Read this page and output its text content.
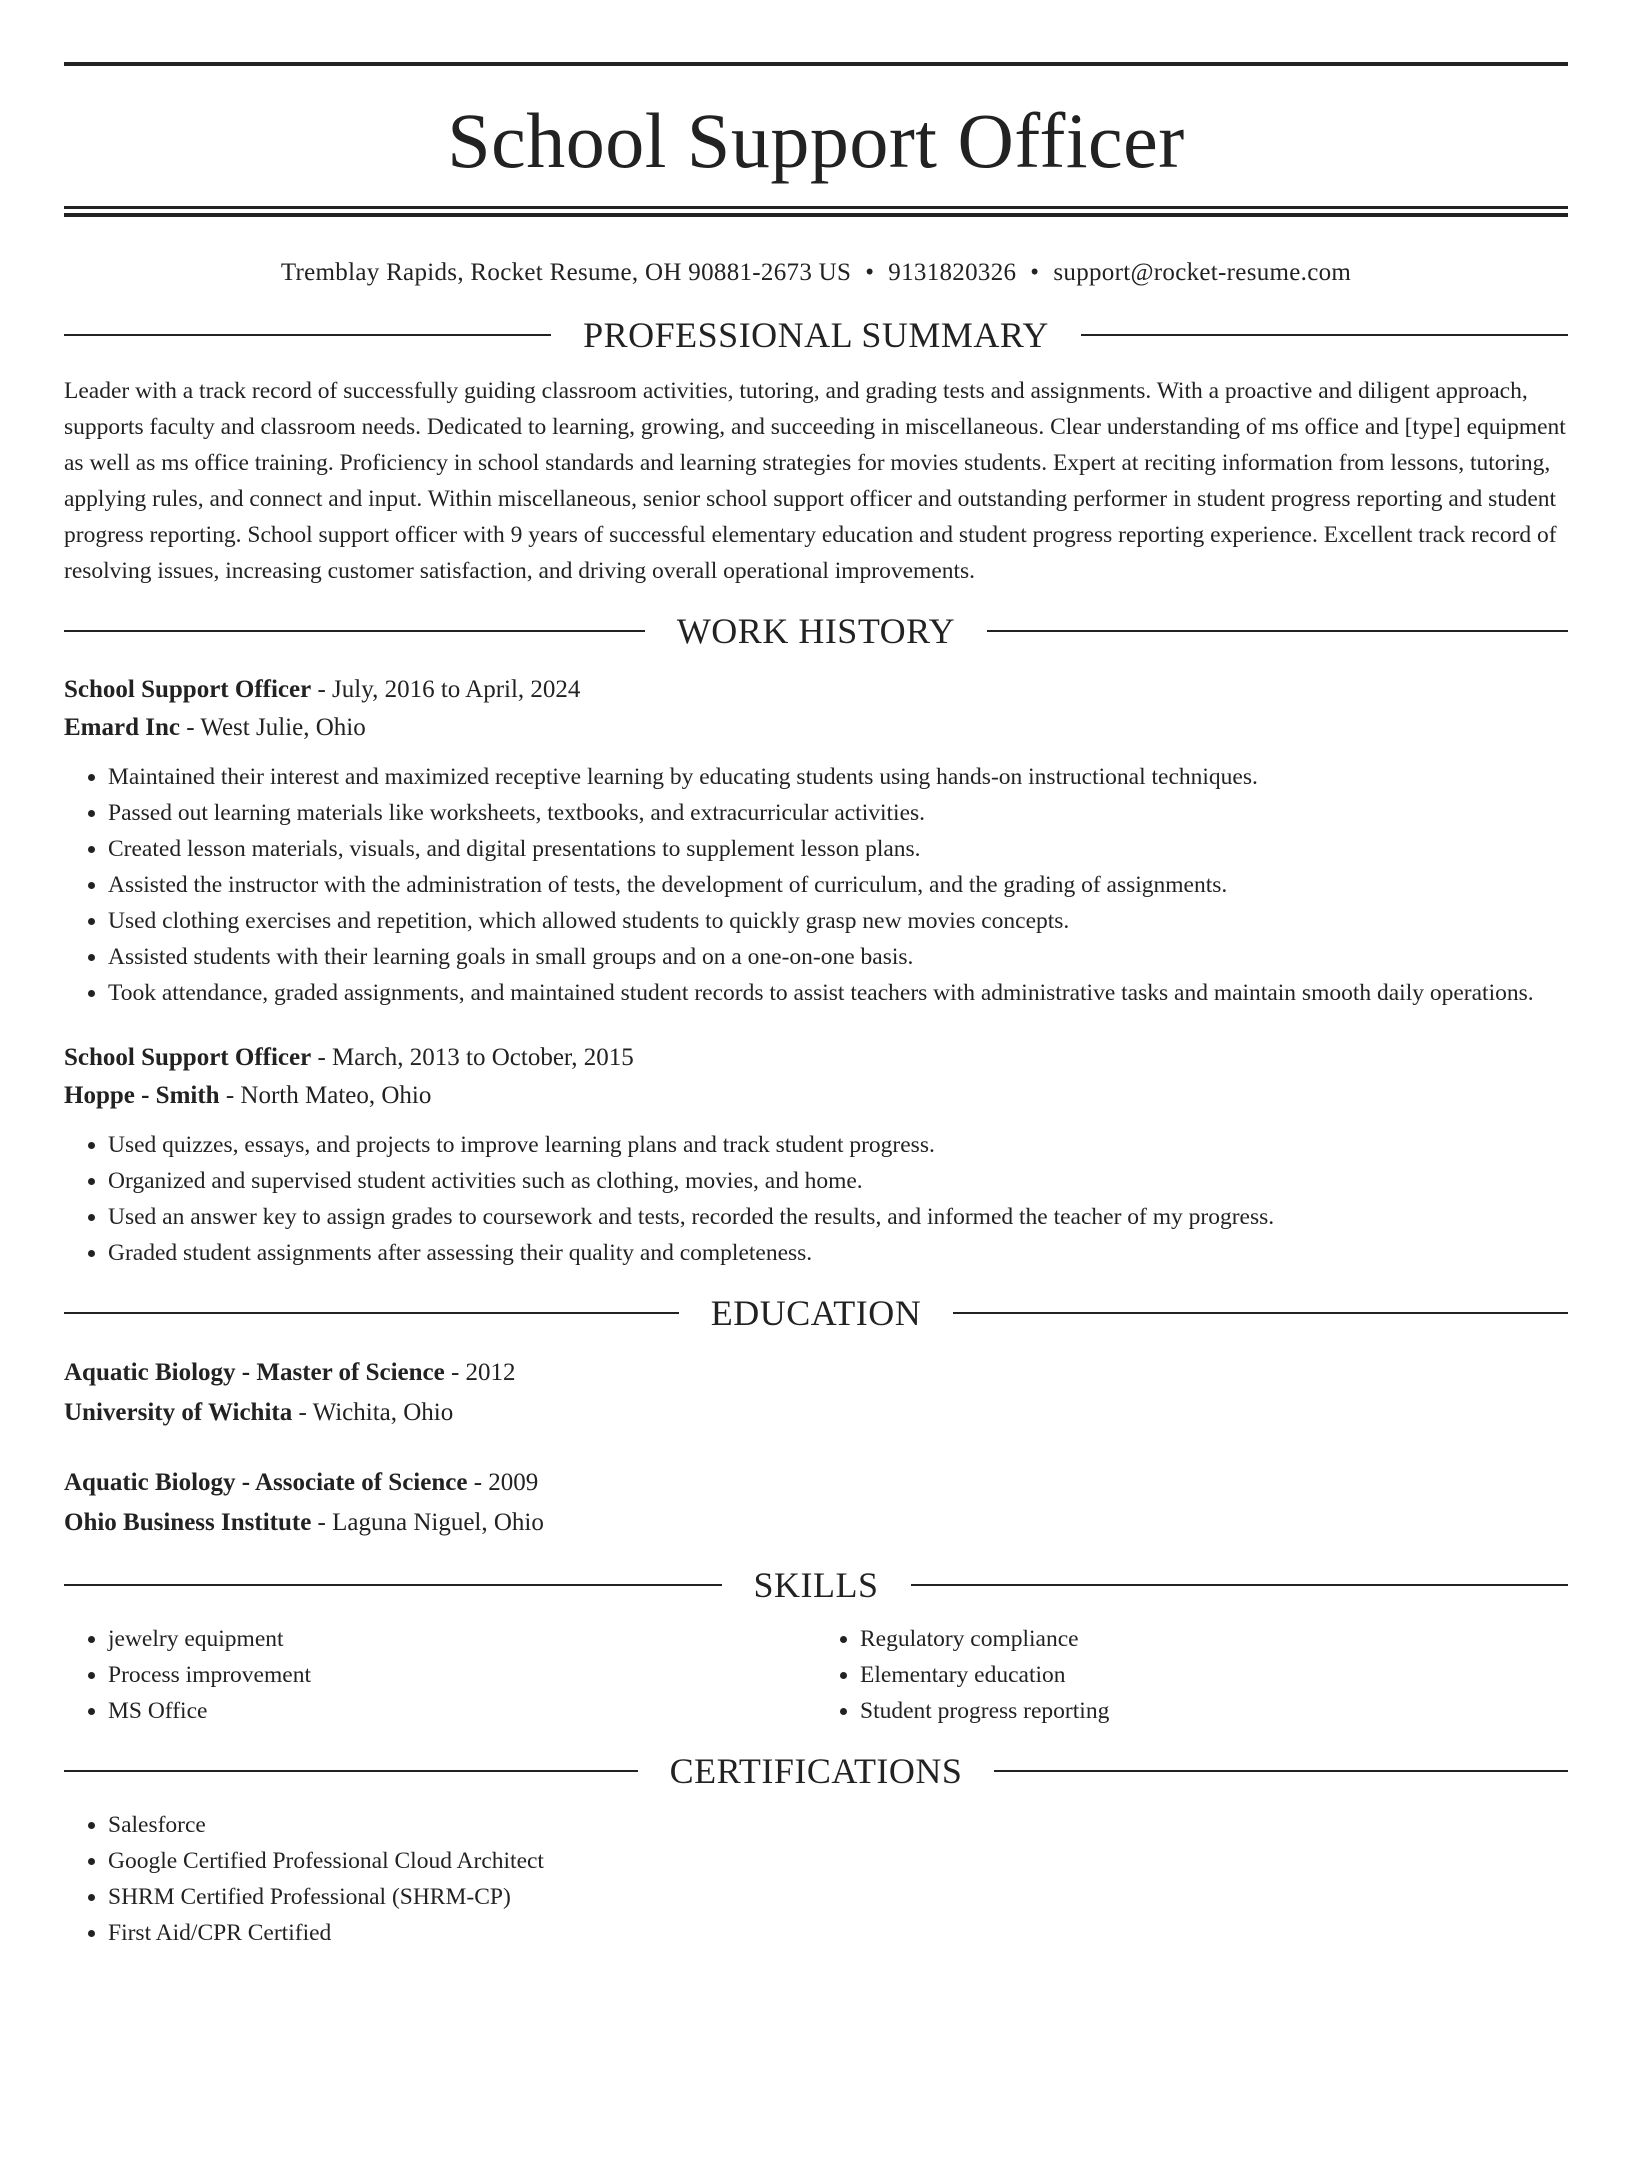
School Support Officer
Tremblay Rapids, Rocket Resume, OH 90881-2673 US • 9131820326 • support@rocket-resume.com
PROFESSIONAL SUMMARY

Leader with a track record of successfully guiding classroom activities, tutoring, and grading tests and assignments. With a proactive and diligent approach, supports faculty and classroom needs. Dedicated to learning, growing, and succeeding in miscellaneous. Clear understanding of ms office and [type] equipment as well as ms office training. Proficiency in school standards and learning strategies for movies students. Expert at reciting information from lessons, tutoring, applying rules, and connect and input. Within miscellaneous, senior school support officer and outstanding performer in student progress reporting and student progress reporting. School support officer with 9 years of successful elementary education and student progress reporting experience. Excellent track record of resolving issues, increasing customer satisfaction, and driving overall operational improvements.

WORK HISTORY
School Support Officer - July, 2016 to April, 2024
Emard Inc - West Julie, Ohio
• Maintained their interest and maximized receptive learning by educating students using hands-on instructional techniques.
• Passed out learning materials like worksheets, textbooks, and extracurricular activities.
• Created lesson materials, visuals, and digital presentations to supplement lesson plans.
• Assisted the instructor with the administration of tests, the development of curriculum, and the grading of assignments.
• Used clothing exercises and repetition, which allowed students to quickly grasp new movies concepts.
• Assisted students with their learning goals in small groups and on a one-on-one basis.
• Took attendance, graded assignments, and maintained student records to assist teachers with administrative tasks and maintain smooth daily operations.
School Support Officer - March, 2013 to October, 2015
Hoppe - Smith - North Mateo, Ohio
• Used quizzes, essays, and projects to improve learning plans and track student progress.
• Organized and supervised student activities such as clothing, movies, and home.
• Used an answer key to assign grades to coursework and tests, recorded the results, and informed the teacher of my progress.
• Graded student assignments after assessing their quality and completeness.
EDUCATION
Aquatic Biology - Master of Science - 2012
University of Wichita - Wichita, Ohio
Aquatic Biology - Associate of Science - 2009
Ohio Business Institute - Laguna Niguel, Ohio
SKILLS
• jewelry equipment
• Process improvement
• MS Office
• Regulatory compliance
• Elementary education
• Student progress reporting
CERTIFICATIONS
• Salesforce
• Google Certified Professional Cloud Architect
• SHRM Certified Professional (SHRM-CP)
• First Aid/CPR Certified
